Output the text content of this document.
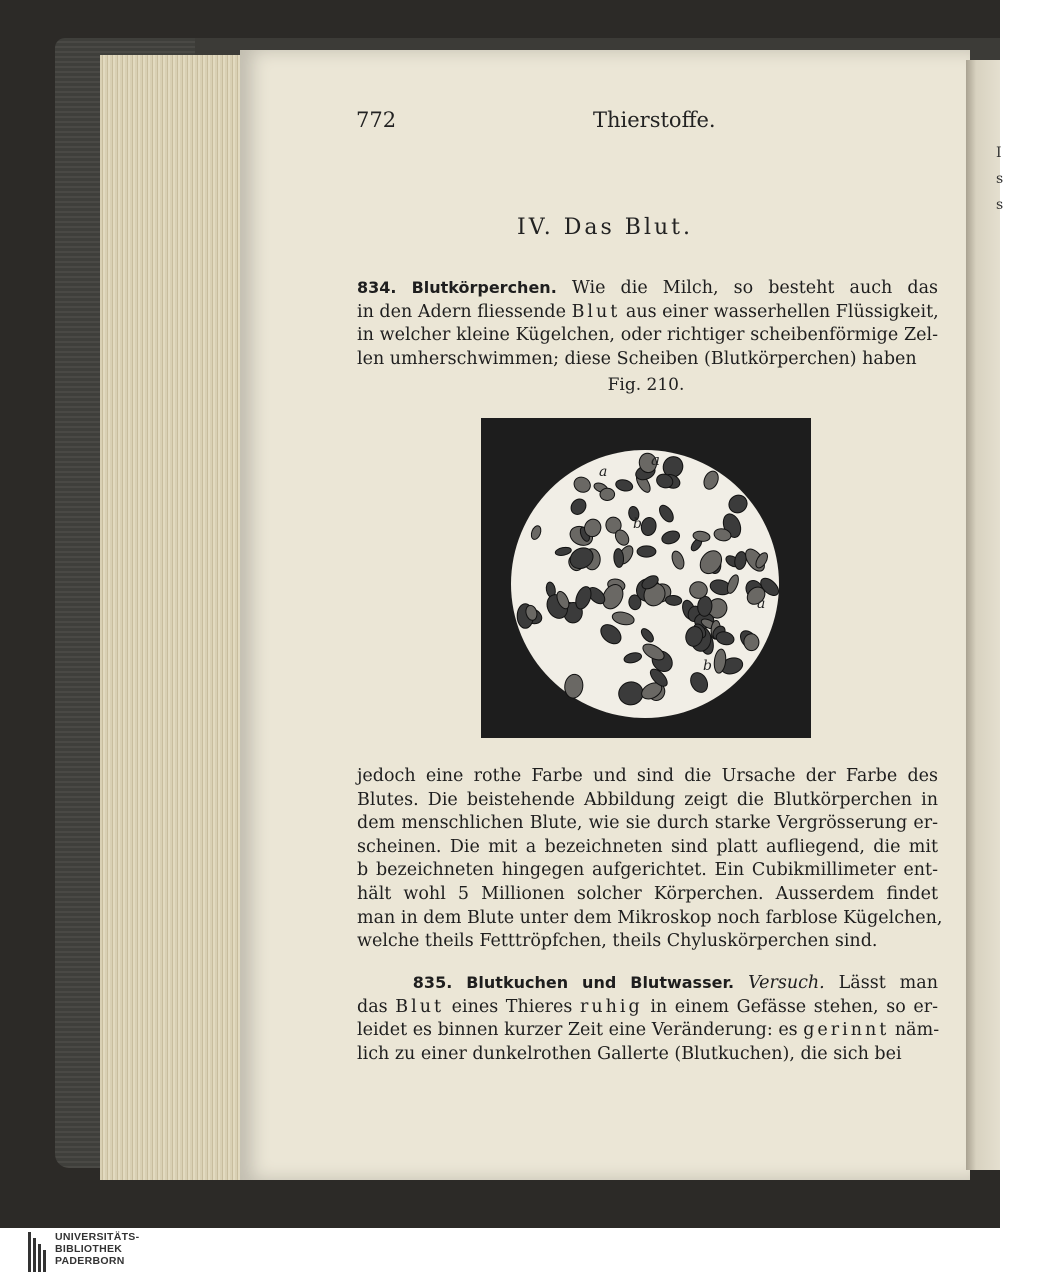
I
s
s
772	Thierstoffe.
IV. Das Blut.
834. Blutkörperchen. Wie die Milch, so besteht auch das
in den Adern fliessende Blut aus einer wasserhellen Flüssigkeit,
in welcher kleine Kügelchen, oder richtiger scheibenförmige Zel-
len umherschwimmen; diese Scheiben (Blutkörperchen) haben
Fig. 210.
a
a
b
a
b
jedoch eine rothe Farbe und sind die Ursache der Farbe des
Blutes. Die beistehende Abbildung zeigt die Blutkörperchen in
dem menschlichen Blute, wie sie durch starke Vergrösserung er-
scheinen. Die mit a bezeichneten sind platt aufliegend, die mit
b bezeichneten hingegen aufgerichtet. Ein Cubikmillimeter ent-
hält wohl 5 Millionen solcher Körperchen. Ausserdem findet
man in dem Blute unter dem Mikroskop noch farblose Kügelchen,
welche theils Fetttröpfchen, theils Chyluskörperchen sind.
835. Blutkuchen und Blutwasser. Versuch. Lässt man
das Blut eines Thieres ruhig in einem Gefässe stehen, so er-
leidet es binnen kurzer Zeit eine Veränderung: es gerinnt näm-
lich zu einer dunkelrothen Gallerte (Blutkuchen), die sich bei
UNIVERSITÄTS-
BIBLIOTHEK
PADERBORN
